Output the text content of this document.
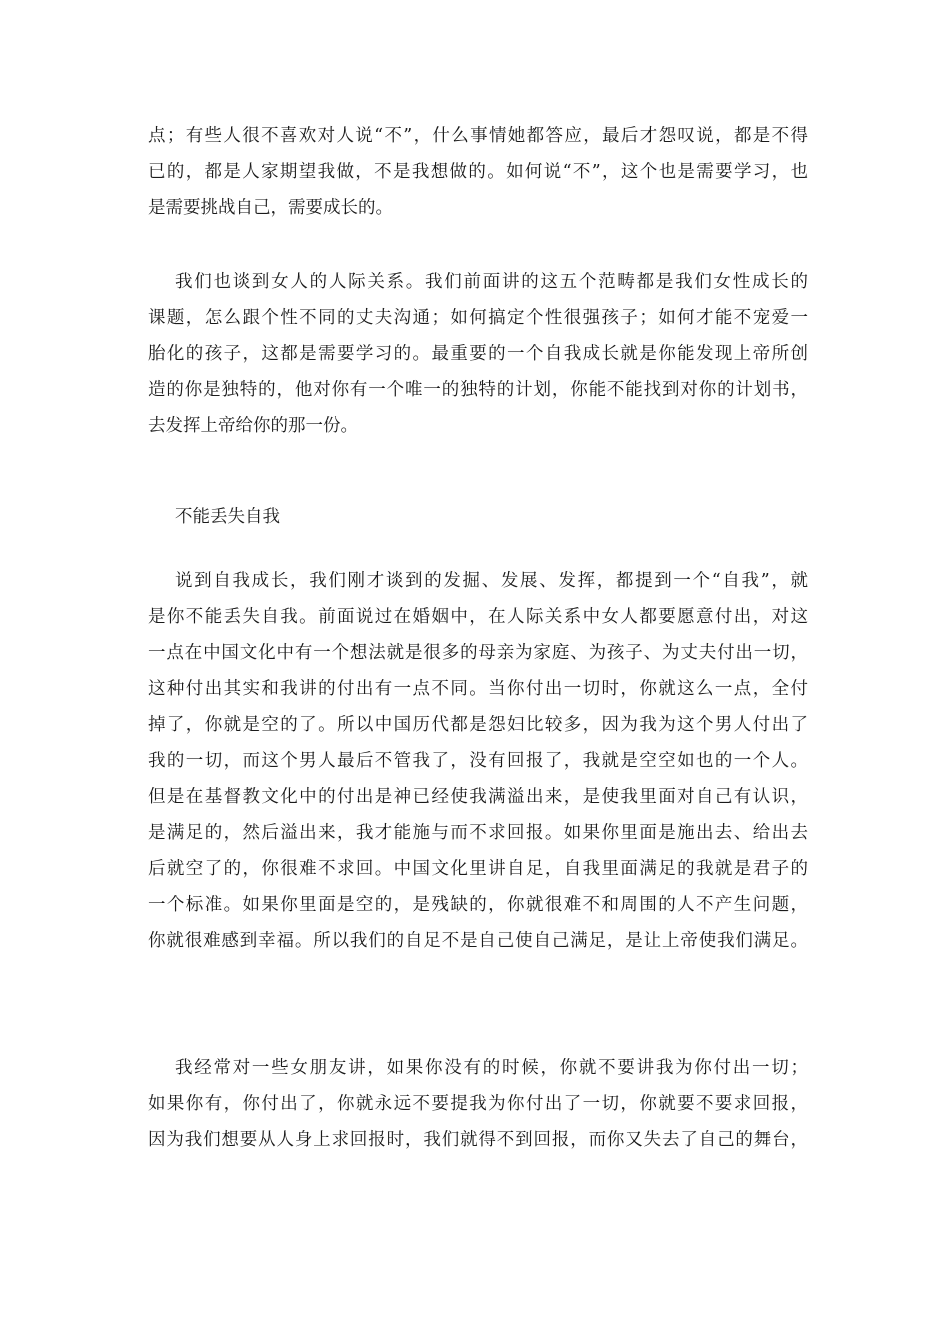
点；有些人很不喜欢对人说“不”，什么事情她都答应，最后才怨叹说，都是不得
已的，都是人家期望我做，不是我想做的。如何说“不”，这个也是需要学习，也
是需要挑战自己，需要成长的。
我们也谈到女人的人际关系。我们前面讲的这五个范畴都是我们女性成长的
课题，怎么跟个性不同的丈夫沟通；如何搞定个性很强孩子；如何才能不宠爱一
胎化的孩子，这都是需要学习的。最重要的一个自我成长就是你能发现上帝所创
造的你是独特的，他对你有一个唯一的独特的计划，你能不能找到对你的计划书，
去发挥上帝给你的那一份。
不能丢失自我
说到自我成长，我们刚才谈到的发掘、发展、发挥，都提到一个“自我”，就
是你不能丢失自我。前面说过在婚姻中，在人际关系中女人都要愿意付出，对这
一点在中国文化中有一个想法就是很多的母亲为家庭、为孩子、为丈夫付出一切，
这种付出其实和我讲的付出有一点不同。当你付出一切时，你就这么一点，全付
掉了，你就是空的了。所以中国历代都是怨妇比较多，因为我为这个男人付出了
我的一切，而这个男人最后不管我了，没有回报了，我就是空空如也的一个人。
但是在基督教文化中的付出是神已经使我满溢出来，是使我里面对自己有认识，
是满足的，然后溢出来，我才能施与而不求回报。如果你里面是施出去、给出去
后就空了的，你很难不求回。中国文化里讲自足，自我里面满足的我就是君子的
一个标准。如果你里面是空的，是残缺的，你就很难不和周围的人不产生问题，
你就很难感到幸福。所以我们的自足不是自己使自己满足，是让上帝使我们满足。
我经常对一些女朋友讲，如果你没有的时候，你就不要讲我为你付出一切；
如果你有，你付出了，你就永远不要提我为你付出了一切，你就要不要求回报，
因为我们想要从人身上求回报时，我们就得不到回报，而你又失去了自己的舞台，
